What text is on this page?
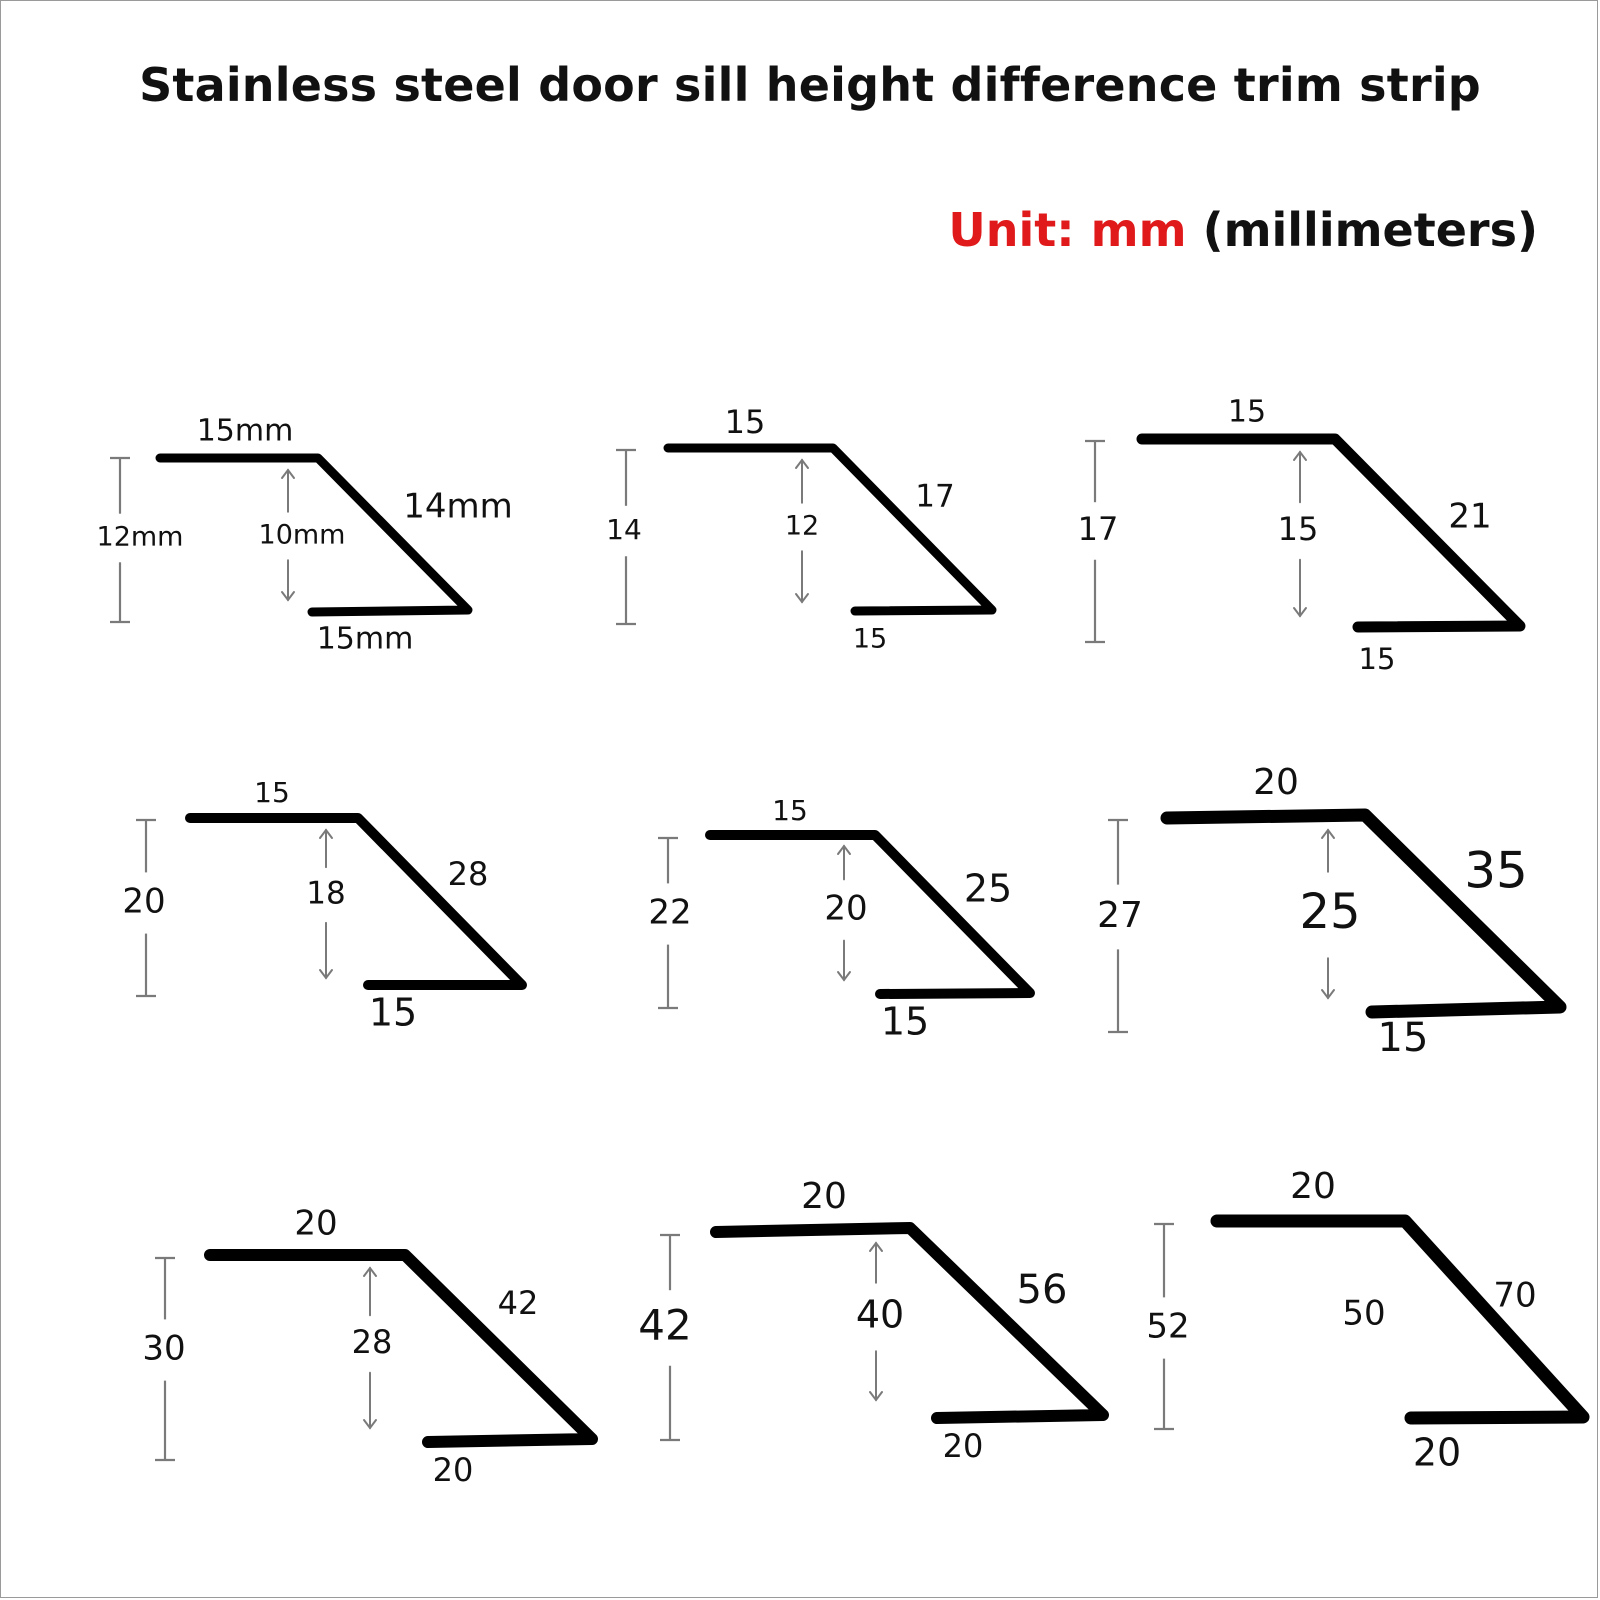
Stainless steel door sill height difference trim strip
Unit: mm (millimeters)
15mm
12mm	10mm
14mm
15mm
15
14	12
17
15
15
17	15	21
15
15
20	18
28
15
15
22	20	25
15
20
27	25
35
15
20
30	28
42
20
20
42	40
56
20
20
52	50	70
20
